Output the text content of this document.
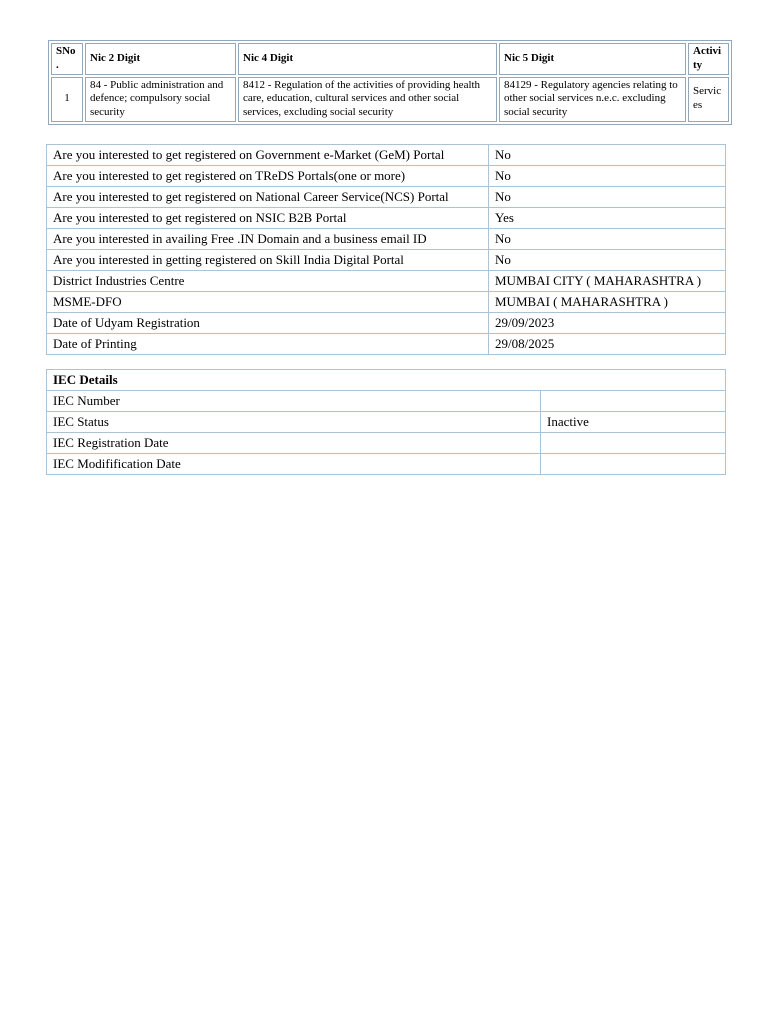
SNo.	Nic 2 Digit	Nic 4 Digit	Nic 5 Digit	Activity
1	84 - Public administration and defence; compulsory social security	8412 - Regulation of the activities of providing health care, education, cultural services and other social services, excluding social security	84129 - Regulatory agencies relating to other social services n.e.c. excluding social security	Services
Are you interested to get registered on Government e-Market (GeM) Portal	No
Are you interested to get registered on TReDS Portals(one or more)	No
Are you interested to get registered on National Career Service(NCS) Portal	No
Are you interested to get registered on NSIC B2B Portal	Yes
Are you interested in availing Free .IN Domain and a business email ID	No
Are you interested in getting registered on Skill India Digital Portal	No
District Industries Centre	MUMBAI CITY ( MAHARASHTRA )
MSME-DFO	MUMBAI ( MAHARASHTRA )
Date of Udyam Registration	29/09/2023
Date of Printing	29/08/2025
IEC Details	
IEC Number	
IEC Status	Inactive
IEC Registration Date	
IEC Modifification Date	
